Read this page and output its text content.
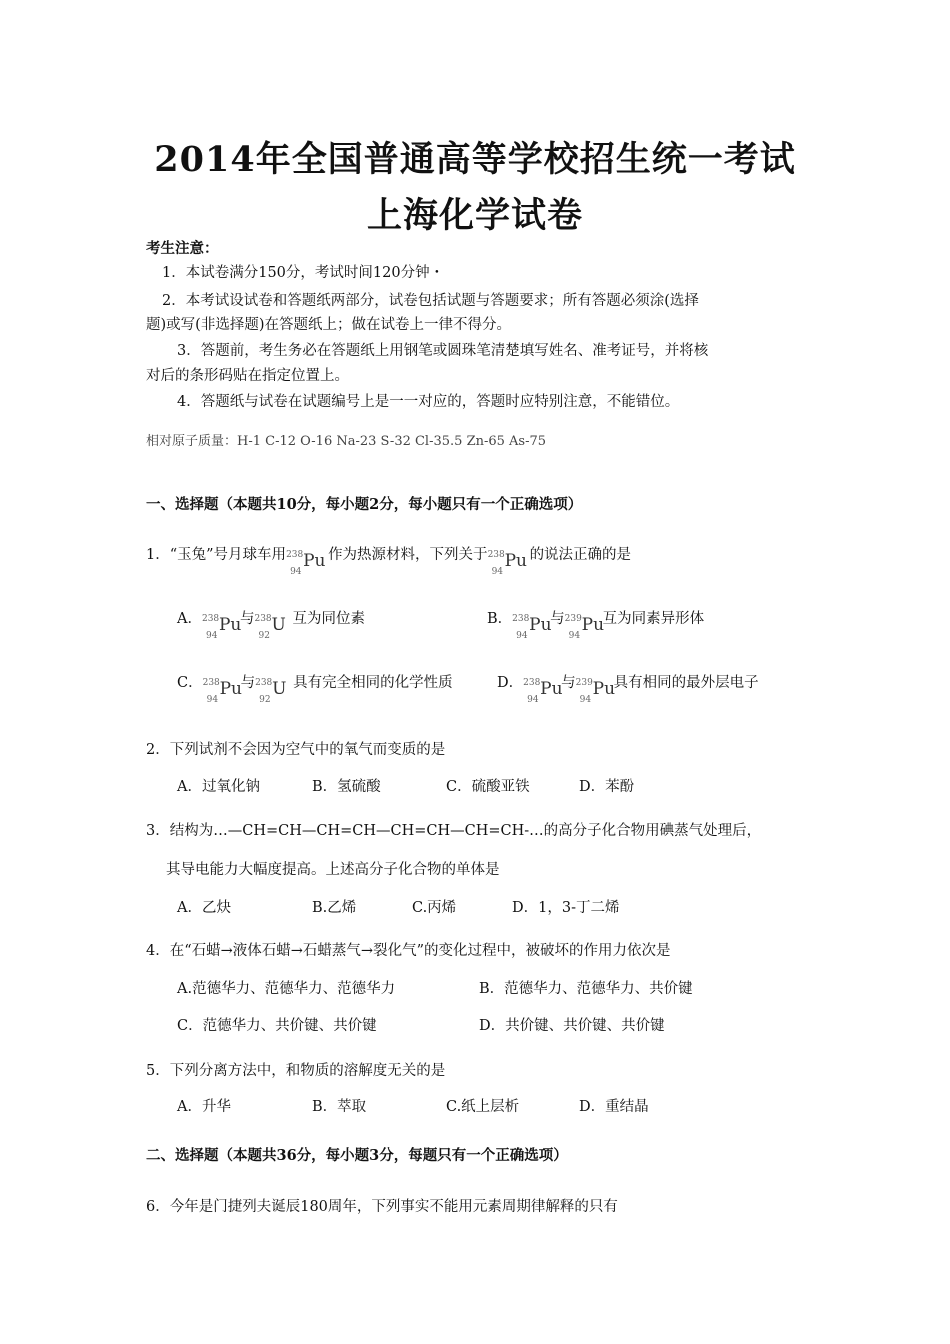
2014年全国普通高等学校招生统一考试
上海化学试卷
考生注意：
1．本试卷满分150分，考试时间120分钟・
2．本考试设试卷和答题纸两部分，试卷包括试题与答题要求；所有答题必须涂(选择
题)或写(非选择题)在答题纸上；做在试卷上一律不得分。
3．答题前，考生务必在答题纸上用钢笔或圆珠笔清楚填写姓名、准考证号，并将核
对后的条形码贴在指定位置上。
4．答题纸与试卷在试题编号上是一一对应的，答题时应特别注意，不能错位。
相对原子质量：H-1 C-12 O-16 Na-23 S-32 Cl-35.5 Zn-65 As-75
一、选择题（本题共10分，每小题2分，每小题只有一个正确选项）
1．“玉兔”号月球车用 238
94
Pu 作为热源材料，下列关于 238
94
Pu 的说法正确的是
A． 238
94
Pu
与 238
92
U 互为同位素	B． 238
94
Pu
与 239
94
Pu
互为同素异形体
C． 238
94
Pu
与 238
92
U 具有完全相同的化学性质	D． 238
94
Pu
与 239
94
Pu
具有相同的最外层电子
2．下列试剂不会因为空气中的氧气而变质的是
A．过氧化钠	B．氢硫酸	C．硫酸亚铁	D．苯酚
3．结构为…—CH=CH—CH=CH—CH=CH—CH=CH-…的高分子化合物用碘蒸气处理后，
其导电能力大幅度提高。上述高分子化合物的单体是
A．乙炔	B.乙烯	C.丙烯	D．1，3-丁二烯
4．在“石蜡→液体石蜡→石蜡蒸气→裂化气”的变化过程中，被破坏的作用力依次是
A.范德华力、范德华力、范德华力	B．范德华力、范德华力、共价键
C．范德华力、共价键、共价键	D．共价键、共价键、共价键
5．下列分离方法中，和物质的溶解度无关的是
A．升华	B．萃取	C.纸上层析	D．重结晶
二、选择题（本题共36分，每小题3分，每题只有一个正确选项）
6．今年是门捷列夫诞辰180周年，下列事实不能用元素周期律解释的只有
